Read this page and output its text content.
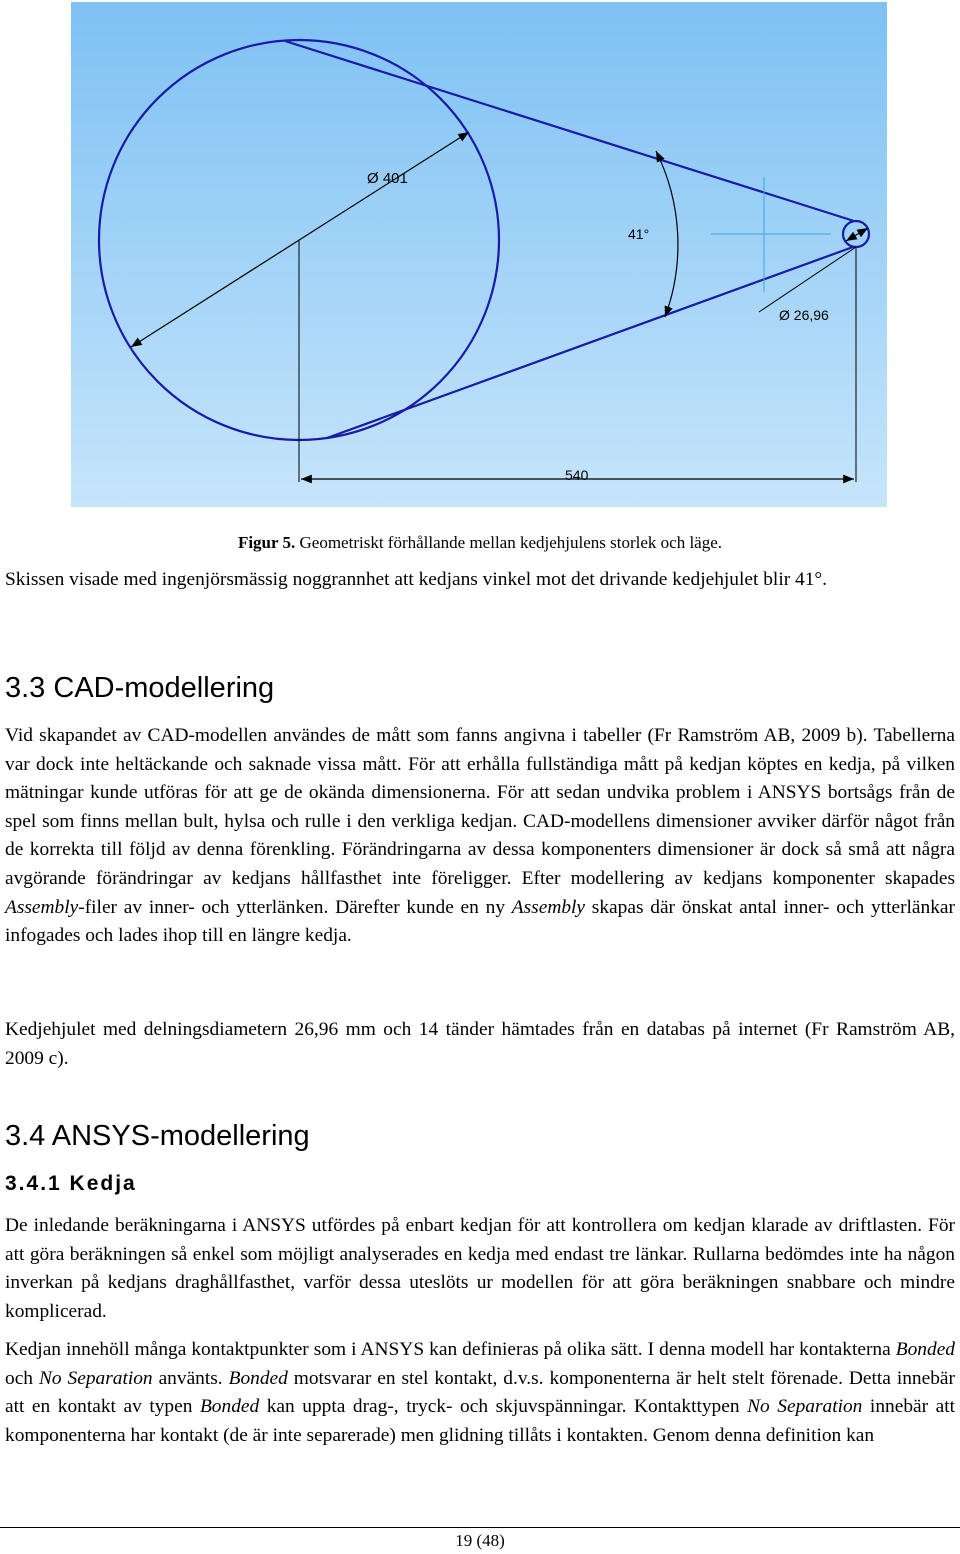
Ø 401
Ø 26,96
41°
540
Figur 5. Geometriskt förhållande mellan kedjehjulens storlek och läge.
Skissen visade med ingenjörsmässig noggrannhet att kedjans vinkel mot det drivande kedjehjulet blir 41°.
3.3 CAD-modellering
Vid skapandet av CAD-modellen användes de mått som fanns angivna i tabeller (Fr Ramström AB, 2009 b). Tabellerna var dock inte heltäckande och saknade vissa mått. För att erhålla fullständiga mått på kedjan köptes en kedja, på vilken mätningar kunde utföras för att ge de okända dimensionerna. För att sedan undvika problem i ANSYS bortsågs från de spel som finns mellan bult, hylsa och rulle i den verkliga kedjan. CAD-modellens dimensioner avviker därför något från de korrekta till följd av denna förenkling. Förändringarna av dessa komponenters dimensioner är dock så små att några avgörande förändringar av kedjans hållfasthet inte föreligger. Efter modellering av kedjans komponenter skapades Assembly-filer av inner- och ytterlänken. Därefter kunde en ny Assembly skapas där önskat antal inner- och ytterlänkar infogades och lades ihop till en längre kedja.
Kedjehjulet med delningsdiametern 26,96 mm och 14 tänder hämtades från en databas på internet (Fr Ramström AB, 2009 c).
3.4 ANSYS-modellering
3.4.1 Kedja
De inledande beräkningarna i ANSYS utfördes på enbart kedjan för att kontrollera om kedjan klarade av driftlasten. För att göra beräkningen så enkel som möjligt analyserades en kedja med endast tre länkar. Rullarna bedömdes inte ha någon inverkan på kedjans draghållfasthet, varför dessa uteslöts ur modellen för att göra beräkningen snabbare och mindre komplicerad.
Kedjan innehöll många kontaktpunkter som i ANSYS kan definieras på olika sätt. I denna modell har kontakterna Bonded och No Separation använts. Bonded motsvarar en stel kontakt, d.v.s. komponenterna är helt stelt förenade. Detta innebär att en kontakt av typen Bonded kan uppta drag-, tryck- och skjuvspänningar. Kontakttypen No Separation innebär att komponenterna har kontakt (de är inte separerade) men glidning tillåts i kontakten. Genom denna definition kan
19 (48)
